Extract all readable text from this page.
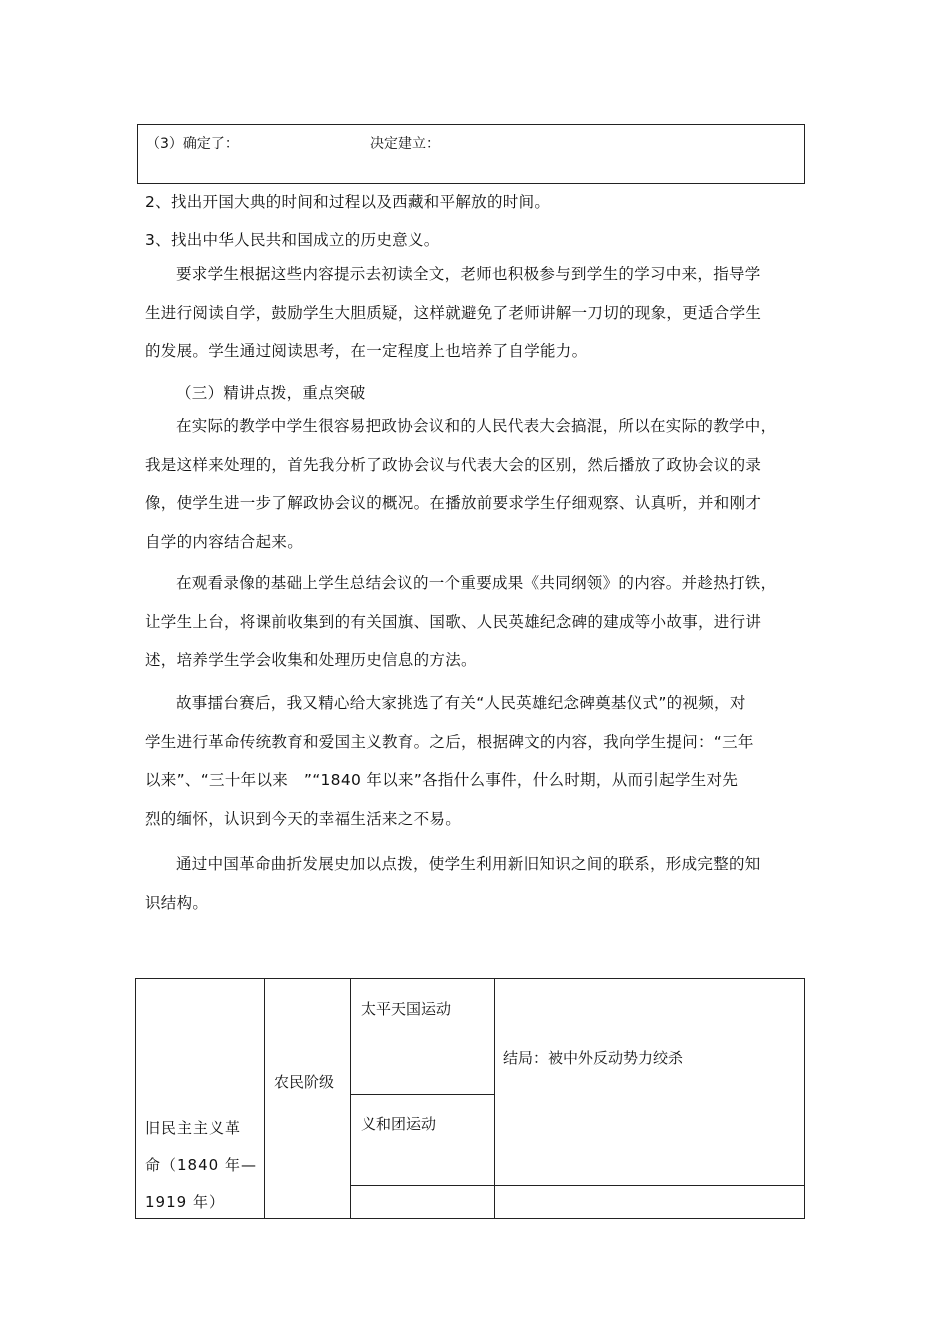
（3）确定了：	决定建立：
2、找出开国大典的时间和过程以及西藏和平解放的时间。
3、找出中华人民共和国成立的历史意义。
要求学生根据这些内容提示去初读全文，老师也积极参与到学生的学习中来，指导学
生进行阅读自学，鼓励学生大胆质疑，这样就避免了老师讲解一刀切的现象，更适合学生
的发展。学生通过阅读思考，在一定程度上也培养了自学能力。
（三）精讲点拨，重点突破
在实际的教学中学生很容易把政协会议和的人民代表大会搞混，所以在实际的教学中，
我是这样来处理的，首先我分析了政协会议与代表大会的区别，然后播放了政协会议的录
像，使学生进一步了解政协会议的概况。在播放前要求学生仔细观察、认真听，并和刚才
自学的内容结合起来。
在观看录像的基础上学生总结会议的一个重要成果《共同纲领》的内容。并趁热打铁，
让学生上台，将课前收集到的有关国旗、国歌、人民英雄纪念碑的建成等小故事，进行讲
述，培养学生学会收集和处理历史信息的方法。
故事擂台赛后，我又精心给大家挑选了有关“人民英雄纪念碑奠基仪式”的视频，对
学生进行革命传统教育和爱国主义教育。之后，根据碑文的内容，我向学生提问：“三年
以来”、“三十年以来　”“1840 年以来”各指什么事件，什么时期，从而引起学生对先
烈的缅怀，认识到今天的幸福生活来之不易。
通过中国革命曲折发展史加以点拨，使学生利用新旧知识之间的联系，形成完整的知
识结构。
旧民主主义革
命（1840 年—
1919 年）
农民阶级
太平天国运动
义和团运动
结局：被中外反动势力绞杀
